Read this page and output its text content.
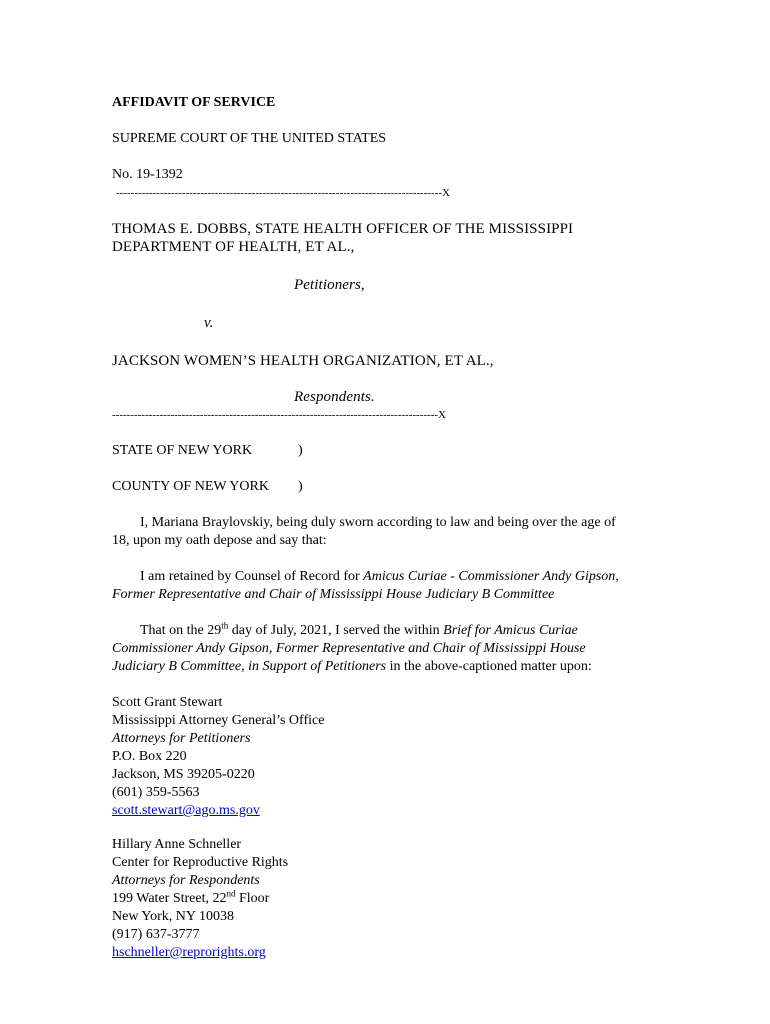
AFFIDAVIT OF SERVICE
SUPREME COURT OF THE UNITED STATES
No. 19-1392
-----------------------------------------------------------------------------------------X
THOMAS E. DOBBS, STATE HEALTH OFFICER OF THE MISSISSIPPI
DEPARTMENT OF HEALTH, ET AL.,
Petitioners,
v.
JACKSON WOMEN’S HEALTH ORGANIZATION, ET AL.,
Respondents.
-----------------------------------------------------------------------------------------X
STATE OF NEW YORK	)
COUNTY OF NEW YORK )
I, Mariana Braylovskiy, being duly sworn according to law and being over the age of
18, upon my oath depose and say that:
I am retained by Counsel of Record for Amicus Curiae - Commissioner Andy Gipson,
Former Representative and Chair of Mississippi House Judiciary B Committee
That on the 29th day of July, 2021, I served the within Brief for Amicus Curiae
Commissioner Andy Gipson, Former Representative and Chair of Mississippi House
Judiciary B Committee, in Support of Petitioners in the above-captioned matter upon:
Scott Grant Stewart
Mississippi Attorney General’s Office
Attorneys for Petitioners
P.O. Box 220
Jackson, MS 39205-0220
(601) 359-5563
scott.stewart@ago.ms.gov
Hillary Anne Schneller
Center for Reproductive Rights
Attorneys for Respondents
199 Water Street, 22nd Floor
New York, NY 10038
(917) 637-3777
hschneller@reprorights.org
